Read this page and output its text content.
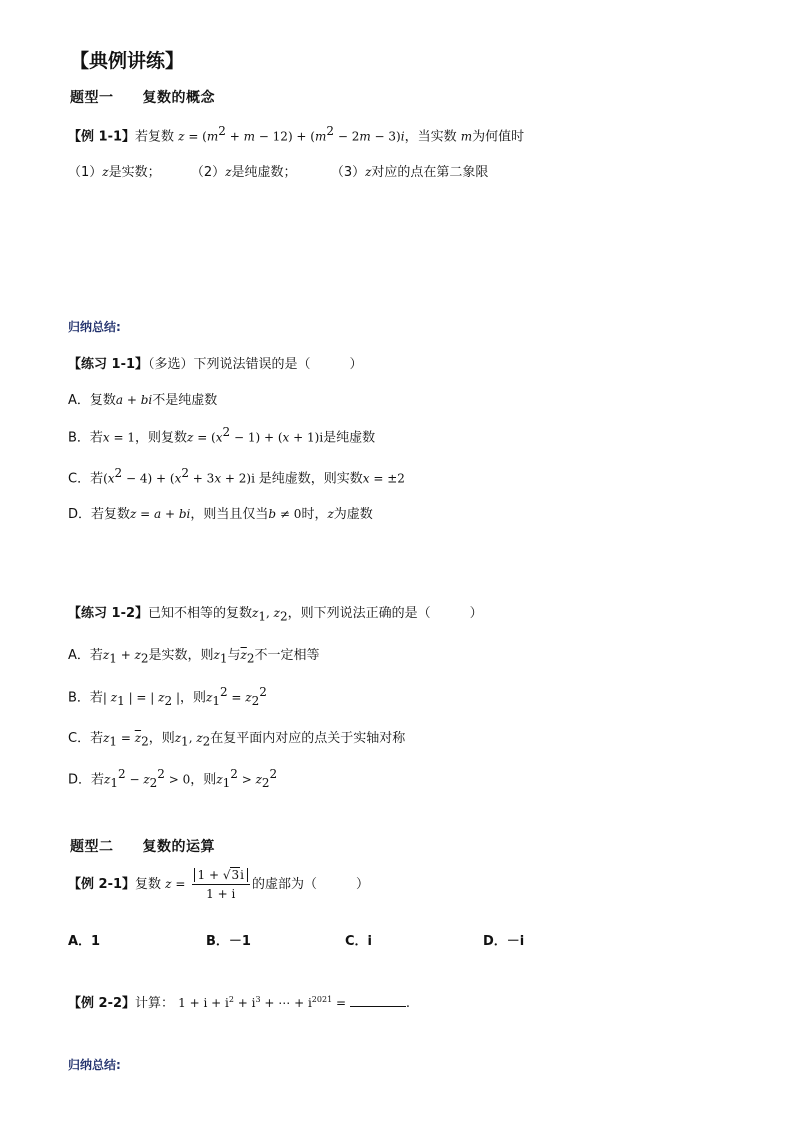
【典例讲练】
题型一　　复数的概念
【例 1-1】若复数 $z = (m^2 + m - 12) + (m^2 - 2m - 3)i$，当实数 m为何值时
（1）z是实数； （2）z是纯虚数；	（3）z对应的点在第二象限
归纳总结:
【练习 1-1】（多选）下列说法错误的是（　　　）
A．复数a + bi不是纯虚数
B．若x = 1，则复数$z = (x^2 - 1) + (x + 1)i$是纯虚数
C．若$(x^2 - 4) + (x^2 + 3x + 2)i$ 是纯虚数，则实数x = ±2
D．若复数z = a + bi，则当且仅当b ≠ 0时，z为虚数
【练习 1-2】已知不相等的复数$z_1$, $z_2$，则下列说法正确的是（　　　）
A．若$z_1 + z_2$是实数，则$z_1$与$\overline{z}_2$不一定相等
B．若| $z_1$ | = | $z_2$ |，则$z_1^2 = z_2^2$
C．若$z_1 = \overline{z}_2$，则$z_1$, $z_2$在复平面内对应的点关于实轴对称
D．若$z_1^2 - z_2^2 > 0$，则$z_1^2 > z_2^2$
题型二　　复数的运算
【例 2-1】复数 $z = \frac{1 + √3i}{1 + i}$ 的虚部为（　　　）
A．1	B．－1	C．i	D．－i
【例 2-2】计算： $1 + i + i^2 + i^3$ + ⋯ + $i^{2021}$ =	.
归纳总结:
